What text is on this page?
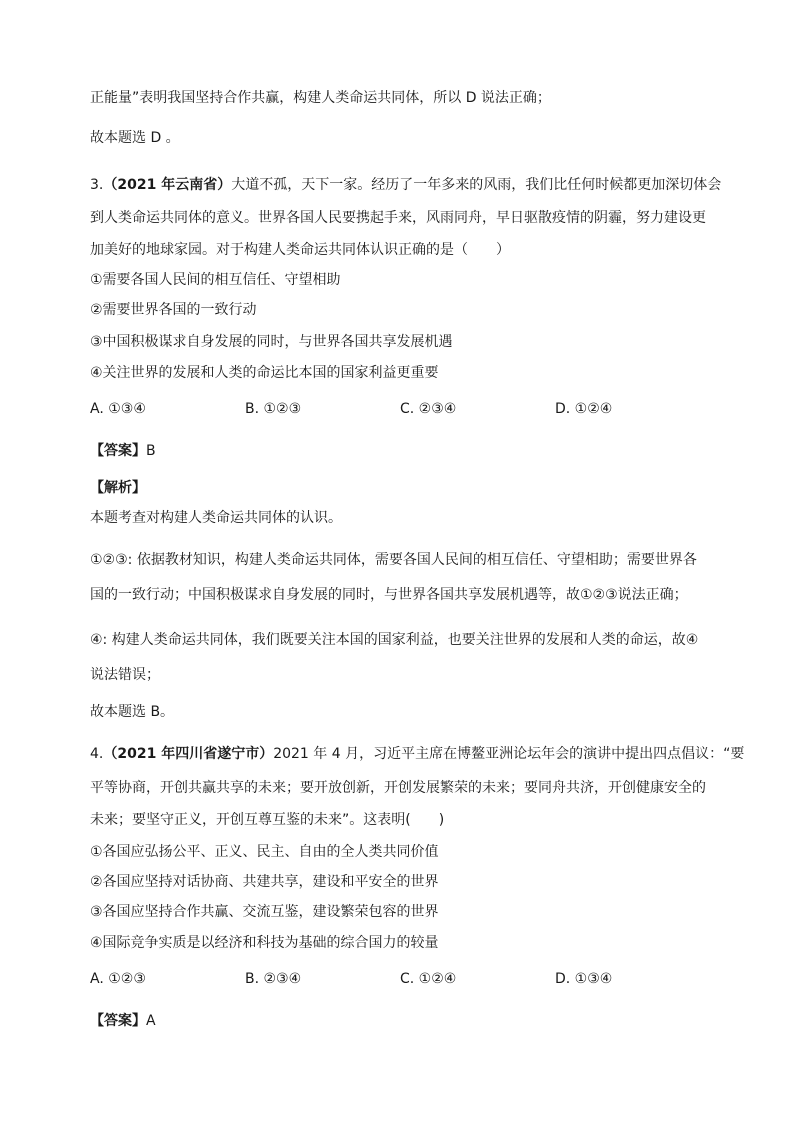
正能量”表明我国坚持合作共赢，构建人类命运共同体，所以 D 说法正确；
故本题选 D 。
3.（2021 年云南省）大道不孤，天下一家。经历了一年多来的风雨，我们比任何时候都更加深切体会
到人类命运共同体的意义。世界各国人民要携起手来，风雨同舟，早日驱散疫情的阴霾，努力建设更
加美好的地球家园。对于构建人类命运共同体认识正确的是（　　）
①需要各国人民间的相互信任、守望相助
②需要世界各国的一致行动
③中国积极谋求自身发展的同时，与世界各国共享发展机遇
④关注世界的发展和人类的命运比本国的国家利益更重要
A. ①③④	B. ①②③	C. ②③④	D. ①②④
【答案】B
【解析】
本题考查对构建人类命运共同体的认识。
①②③: 依据教材知识，构建人类命运共同体，需要各国人民间的相互信任、守望相助；需要世界各
国的一致行动；中国积极谋求自身发展的同时，与世界各国共享发展机遇等，故①②③说法正确；
④: 构建人类命运共同体，我们既要关注本国的国家利益，也要关注世界的发展和人类的命运，故④
说法错误；
故本题选 B。
4.（2021 年四川省遂宁市）2021 年 4 月，习近平主席在博鳌亚洲论坛年会的演讲中提出四点倡议：“要
平等协商，开创共赢共享的未来；要开放创新，开创发展繁荣的未来；要同舟共济，开创健康安全的
未来；要坚守正义，开创互尊互鉴的未来”。这表明(　　)
①各国应弘扬公平、正义、民主、自由的全人类共同价值
②各国应坚持对话协商、共建共享，建设和平安全的世界
③各国应坚持合作共赢、交流互鉴，建设繁荣包容的世界
④国际竞争实质是以经济和科技为基础的综合国力的较量
A. ①②③	B. ②③④	C. ①②④	D. ①③④
【答案】A
